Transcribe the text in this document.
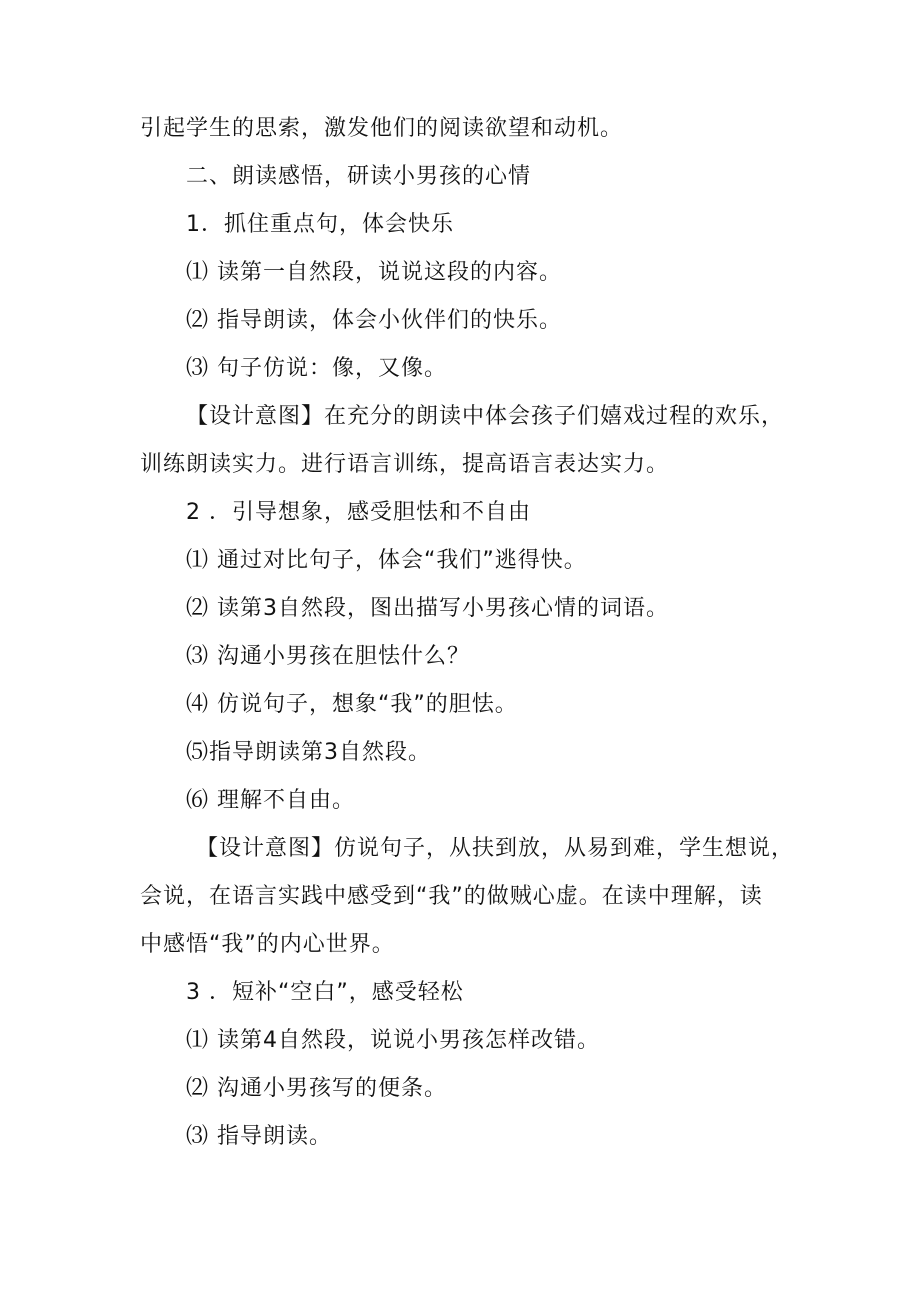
引起学生的思索，激发他们的阅读欲望和动机。
二、朗读感悟，研读小男孩的心情
1．抓住重点句，体会快乐
⑴ 读第一自然段，说说这段的内容。
⑵ 指导朗读，体会小伙伴们的快乐。
⑶ 句子仿说：像，又像。
【设计意图】在充分的朗读中体会孩子们嬉戏过程的欢乐，
训练朗读实力。进行语言训练，提高语言表达实力。
2 ．引导想象，感受胆怯和不自由
⑴ 通过对比句子，体会“我们”逃得快。
⑵ 读第3自然段，图出描写小男孩心情的词语。
⑶ 沟通小男孩在胆怯什么？
⑷ 仿说句子，想象“我”的胆怯。
⑸指导朗读第3自然段。
⑹ 理解不自由。
【设计意图】仿说句子，从扶到放，从易到难，学生想说，
会说，在语言实践中感受到“我”的做贼心虚。在读中理解，读
中感悟“我”的内心世界。
3 ．短补“空白”，感受轻松
⑴ 读第4自然段，说说小男孩怎样改错。
⑵ 沟通小男孩写的便条。
⑶ 指导朗读。
